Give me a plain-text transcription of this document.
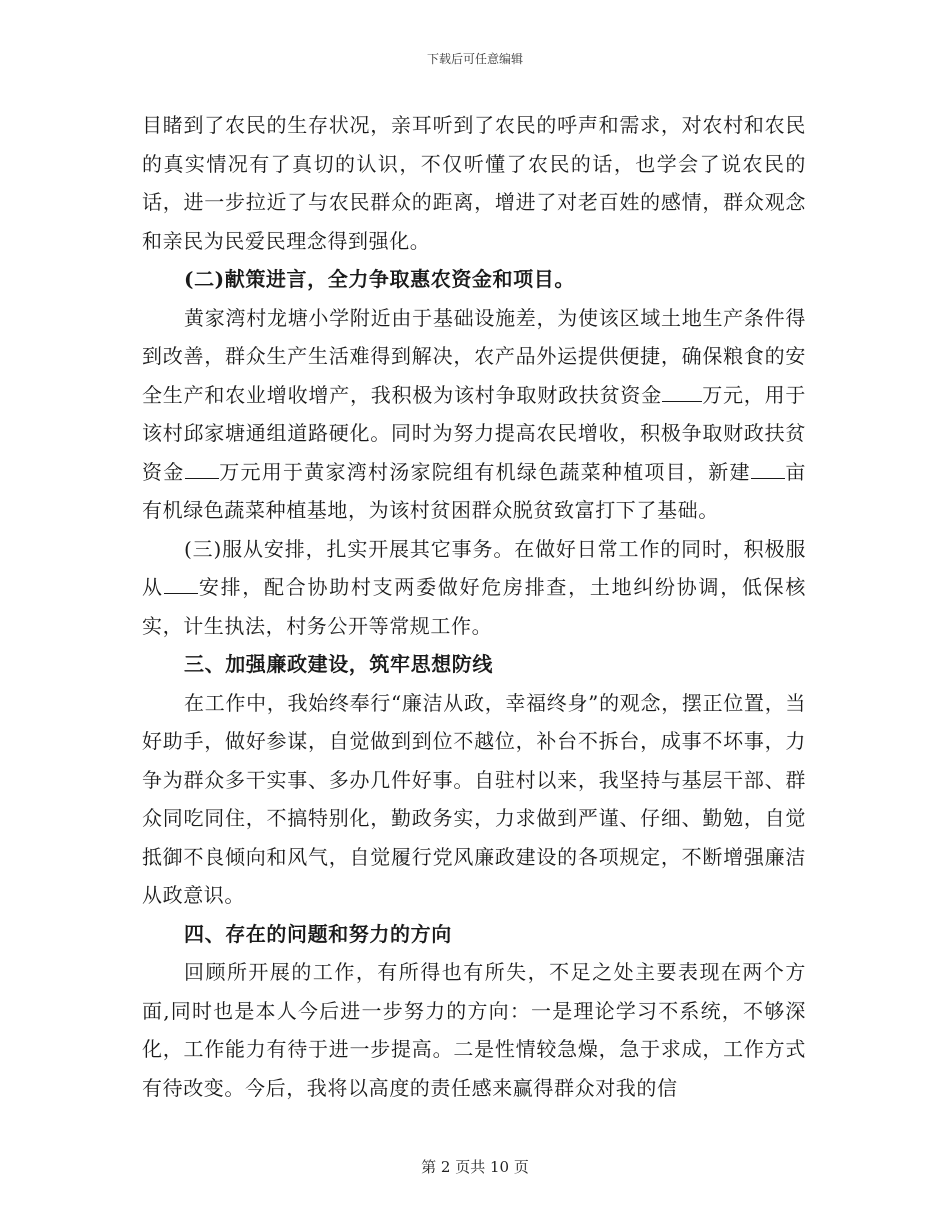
下载后可任意编辑

目睹到了农民的生存状况，亲耳听到了农民的呼声和需求，对农村和农民的真实情况有了真切的认识，不仅听懂了农民的话，也学会了说农民的话，进一步拉近了与农民群众的距离，增进了对老百姓的感情，群众观念和亲民为民爱民理念得到强化。

(二)献策进言，全力争取惠农资金和项目。

黄家湾村龙塘小学附近由于基础设施差，为使该区域土地生产条件得到改善，群众生产生活难得到解决，农产品外运提供便捷，确保粮食的安全生产和农业增收增产，我积极为该村争取财政扶贫资金 万元，用于该村邱家塘通组道路硬化。同时为努力提高农民增收，积极争取财政扶贫资金 万元用于黄家湾村汤家院组有机绿色蔬菜种植项目，新建 亩有机绿色蔬菜种植基地，为该村贫困群众脱贫致富打下了基础。

(三)服从安排，扎实开展其它事务。在做好日常工作的同时，积极服从 安排，配合协助村支两委做好危房排查，土地纠纷协调，低保核实，计生执法，村务公开等常规工作。

三、加强廉政建设，筑牢思想防线

在工作中，我始终奉行“廉洁从政，幸福终身”的观念，摆正位置，当好助手，做好参谋，自觉做到到位不越位，补台不拆台，成事不坏事，力争为群众多干实事、多办几件好事。自驻村以来，我坚持与基层干部、群众同吃同住，不搞特别化，勤政务实，力求做到严谨、仔细、勤勉，自觉抵御不良倾向和风气，自觉履行党风廉政建设的各项规定，不断增强廉洁从政意识。

四、存在的问题和努力的方向

回顾所开展的工作，有所得也有所失，不足之处主要表现在两个方面,同时也是本人今后进一步努力的方向：一是理论学习不系统，不够深化，工作能力有待于进一步提高。二是性情较急燥，急于求成，工作方式有待改变。今后，我将以高度的责任感来赢得群众对我的信

第 2 页共 10 页
